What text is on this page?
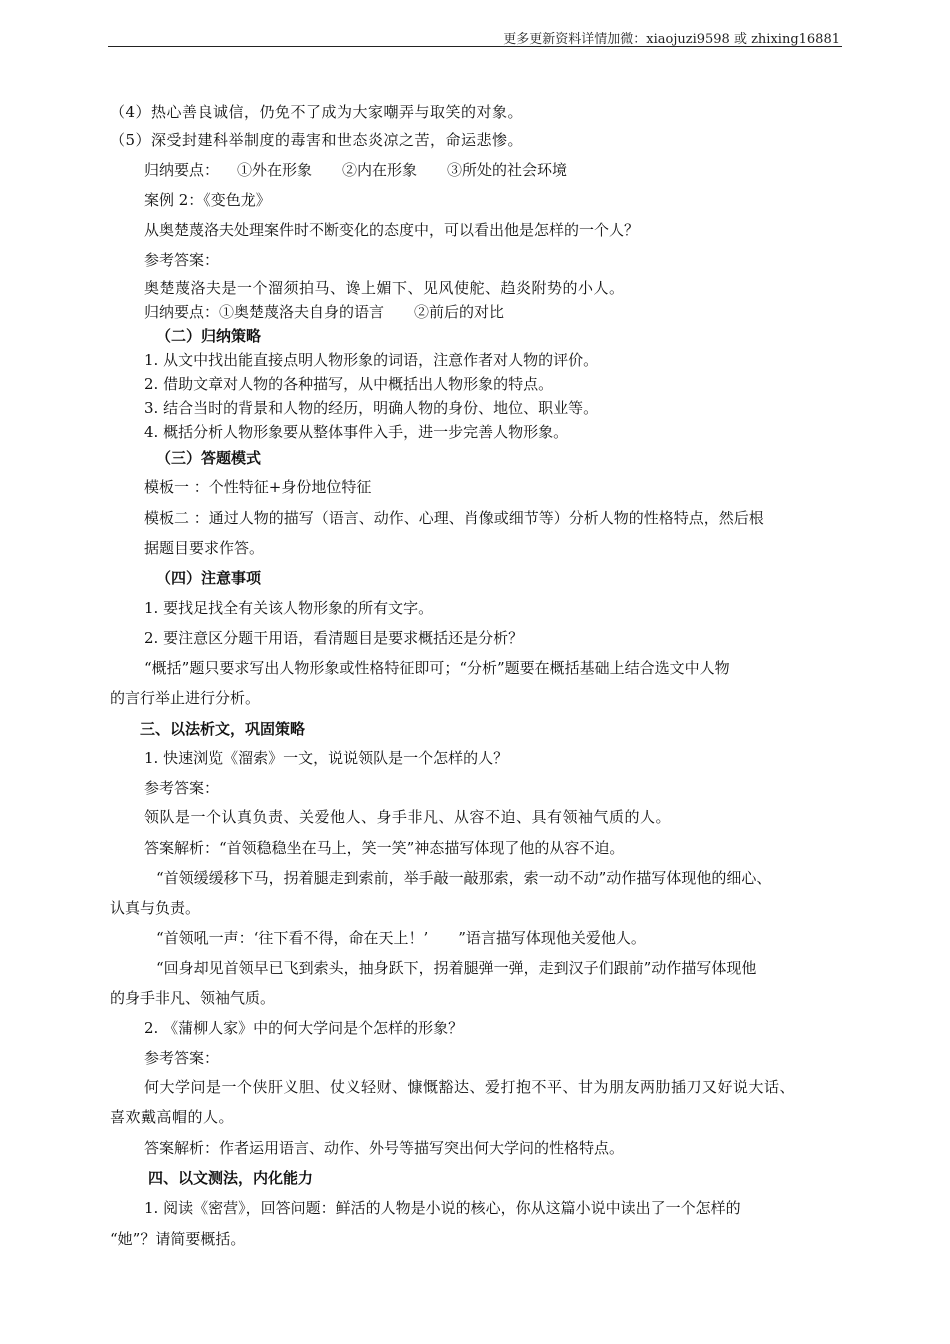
更多更新资料详情加微：xiaojuzi9598 或 zhixing16881
（4）热心善良诚信，仍免不了成为大家嘲弄与取笑的对象。
（5）深受封建科举制度的毒害和世态炎凉之苦，命运悲惨。
归纳要点： ①外在形象 ②内在形象 ③所处的社会环境
案例 2：《变色龙》
从奥楚蔑洛夫处理案件时不断变化的态度中，可以看出他是怎样的一个人？
参考答案：
奥楚蔑洛夫是一个溜须拍马、谗上媚下、见风使舵、趋炎附势的小人。
归纳要点：①奥楚蔑洛夫自身的语言 ②前后的对比
（二）归纳策略
1. 从文中找出能直接点明人物形象的词语，注意作者对人物的评价。
2. 借助文章对人物的各种描写，从中概括出人物形象的特点。
3. 结合当时的背景和人物的经历，明确人物的身份、地位、职业等。
4. 概括分析人物形象要从整体事件入手，进一步完善人物形象。
（三）答题模式
模板一 ：个性特征+身份地位特征
模板二 ：通过人物的描写（语言、动作、心理、肖像或细节等）分析人物的性格特点，然后根
据题目要求作答。
（四）注意事项
1. 要找足找全有关该人物形象的所有文字。
2. 要注意区分题干用语，看清题目是要求概括还是分析？
“概括”题只要求写出人物形象或性格特征即可；“分析”题要在概括基础上结合选文中人物
的言行举止进行分析。
三、以法析文，巩固策略
1. 快速浏览《溜索》一文，说说领队是一个怎样的人？
参考答案：
领队是一个认真负责、关爱他人、身手非凡、从容不迫、具有领袖气质的人。
答案解析：“首领稳稳坐在马上，笑一笑”神态描写体现了他的从容不迫。
“首领缓缓移下马，拐着腿走到索前，举手敲一敲那索，索一动不动”动作描写体现他的细心、
认真与负责。
“首领吼一声：‘往下看不得，命在天上！’　　”语言描写体现他关爱他人。
“回身却见首领早已飞到索头，抽身跃下，拐着腿弹一弹，走到汉子们跟前”动作描写体现他
的身手非凡、领袖气质。
2. 《蒲柳人家》中的何大学问是个怎样的形象？
参考答案：
何大学问是一个侠肝义胆、仗义轻财、慷慨豁达、爱打抱不平、甘为朋友两肋插刀又好说大话、
喜欢戴高帽的人。
答案解析：作者运用语言、动作、外号等描写突出何大学问的性格特点。
四、以文测法，内化能力
1. 阅读《密营》，回答问题：鲜活的人物是小说的核心，你从这篇小说中读出了一个怎样的
“她”？请简要概括。
